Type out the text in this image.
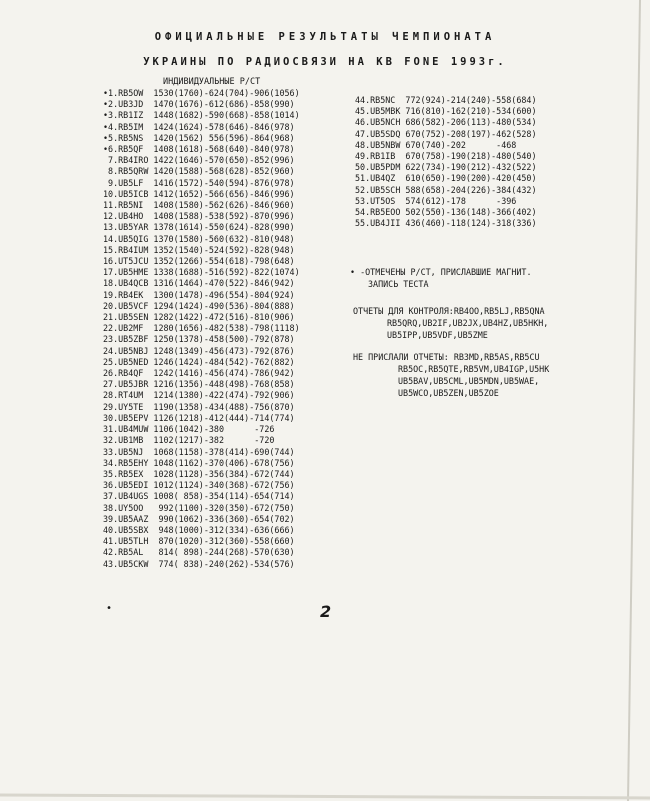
ОФИЦИАЛЬНЫЕ РЕЗУЛЬТАТЫ ЧЕМПИОНАТА
УКРАИНЫ ПО РАДИОСВЯЗИ НА КВ FONE 1993г.
ИНДИВИДУАЛЬНЫЕ Р/СТ
•1.RB5OW  1530(1760)-624(704)-906(1056)
•2.UB3JD  1470(1676)-612(686)-858(990)
•3.RB1IZ  1448(1682)-590(668)-858(1014)
•4.RB5IM  1424(1624)-578(646)-846(978)
•5.RB5NS  1420(1562) 556(596)-864(968)
•6.RB5QF  1408(1618)-568(640)-840(978)
7.RB4IRO 1422(1646)-570(650)-852(996)
8.RB5QRW 1420(1588)-568(628)-852(960)
9.UB5LF  1416(1572)-540(594)-876(978)
10.UB5ICB 1412(1652)-566(656)-846(996)
11.RB5NI  1408(1580)-562(626)-846(960)
12.UB4HO  1408(1588)-538(592)-870(996)
13.UB5YAR 1378(1614)-550(624)-828(990)
14.UB5QIG 1370(1580)-560(632)-810(948)
15.RB4IUM 1352(1540)-524(592)-828(948)
16.UT5JCU 1352(1266)-554(618)-798(648)
17.UB5HME 1338(1688)-516(592)-822(1074)
18.UB4QCB 1316(1464)-470(522)-846(942)
19.RB4EK  1300(1478)-496(554)-804(924)
20.UB5VCF 1294(1424)-490(536)-804(888)
21.UB5SEN 1282(1422)-472(516)-810(906)
22.UB2MF  1280(1656)-482(538)-798(1118)
23.UB5ZBF 1250(1378)-458(500)-792(878)
24.UB5NBJ 1248(1349)-456(473)-792(876)
25.UB5NED 1246(1424)-484(542)-762(882)
26.RB4QF  1242(1416)-456(474)-786(942)
27.UB5JBR 1216(1356)-448(498)-768(858)
28.RT4UM  1214(1380)-422(474)-792(906)
29.UY5TE  1190(1358)-434(488)-756(870)
30.UB5EPV 1126(1218)-412(444)-714(774)
31.UB4MUW 1106(1042)-380      -726
32.UB1MB  1102(1217)-382      -720
33.UB5NJ  1068(1158)-378(414)-690(744)
34.RB5EHY 1048(1162)-370(406)-678(756)
35.RB5EX  1028(1128)-356(384)-672(744)
36.UB5EDI 1012(1124)-340(368)-672(756)
37.UB4UGS 1008( 858)-354(114)-654(714)
38.UY5OO   992(1100)-320(350)-672(750)
39.UB5AAZ  990(1062)-336(360)-654(702)
40.UB5SBX  948(1000)-312(334)-636(666)
41.UB5TLH  870(1020)-312(360)-558(660)
42.RB5AL   814( 898)-244(268)-570(630)
43.UB5CKW  774( 838)-240(262)-534(576)
44.RB5NC  772(924)-214(240)-558(684)
45.UB5MBK 716(810)-162(210)-534(600)
46.UB5NCH 686(582)-206(113)-480(534)
47.UB5SDQ 670(752)-208(197)-462(528)
48.UB5NBW 670(740)-202      -468
49.RB1IB  670(758)-190(218)-480(540)
50.UB5PDM 622(734)-190(212)-432(522)
51.UB4QZ  610(650)-190(200)-420(450)
52.UB5SCH 588(658)-204(226)-384(432)
53.UT5OS  574(612)-178      -396
54.RB5EOO 502(550)-136(148)-366(402)
55.UB4JII 436(460)-118(124)-318(336)
• -ОТМЕЧЕНЫ Р/СТ, ПРИСЛАВШИЕ МАГНИТ.
ЗАПИСЬ ТЕСТА
ОТЧЕТЫ ДЛЯ КОНТРОЛЯ:RB4OO,RB5LJ,RB5QNA
RB5QRQ,UB2IF,UB2JX,UB4HZ,UB5HKH,
UB5IPP,UB5VDF,UB5ZME
НЕ ПРИСЛАЛИ ОТЧЕТЫ: RB3MD,RB5AS,RB5CU
RB5OC,RB5QTE,RB5VM,UB4IGP,U5HK
UB5BAV,UB5CML,UB5MDN,UB5WAE,
UB5WCO,UB5ZEN,UB5ZOE
•	2
